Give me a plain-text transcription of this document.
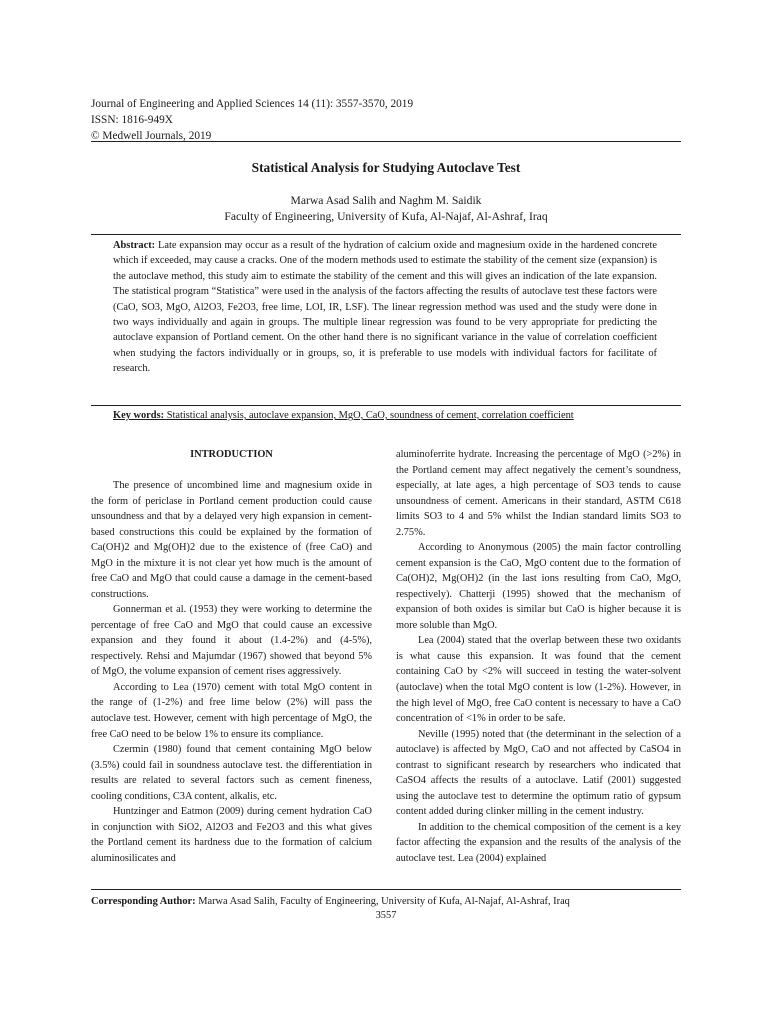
Journal of Engineering and Applied Sciences 14 (11): 3557-3570, 2019
ISSN: 1816-949X
© Medwell Journals, 2019
Statistical Analysis for Studying Autoclave Test
Marwa Asad Salih and Naghm M. Saidik
Faculty of Engineering, University of Kufa, Al-Najaf, Al-Ashraf, Iraq

Abstract: Late expansion may occur as a result of the hydration of calcium oxide and magnesium oxide in the hardened concrete which if exceeded, may cause a cracks. One of the modern methods used to estimate the stability of the cement size (expansion) is the autoclave method, this study aim to estimate the stability of the cement and this will gives an indication of the late expansion. The statistical program “Statistica” were used in the analysis of the factors affecting the results of autoclave test these factors were (CaO, SO3, MgO, Al2O3, Fe2O3, free lime, LOI, IR, LSF). The linear regression method was used and the study were done in two ways individually and again in groups. The multiple linear regression was found to be very appropriate for predicting the autoclave expansion of Portland cement. On the other hand there is no significant variance in the value of correlation coefficient when studying the factors individually or in groups, so, it is preferable to use models with individual factors for facilitate of research.

Key words: Statistical analysis, autoclave expansion, MgO, CaO, soundness of cement, correlation coefficient

INTRODUCTION

The presence of uncombined lime and magnesium oxide in the form of periclase in Portland cement production could cause unsoundness and that by a delayed very high expansion in cement-based constructions this could be explained by the formation of Ca(OH)2 and Mg(OH)2 due to the existence of (free CaO) and MgO in the mixture it is not clear yet how much is the amount of free CaO and MgO that could cause a damage in the cement-based constructions.

Gonnerman et al. (1953) they were working to determine the percentage of free CaO and MgO that could cause an excessive expansion and they found it about (1.4-2%) and (4-5%), respectively. Rehsi and Majumdar (1967) showed that beyond 5% of MgO, the volume expansion of cement rises aggressively.

According to Lea (1970) cement with total MgO content in the range of (1-2%) and free lime below (2%) will pass the autoclave test. However, cement with high percentage of MgO, the free CaO need to be below 1% to ensure its compliance.

Czermin (1980) found that cement containing MgO below (3.5%) could fail in soundness autoclave test. the differentiation in results are related to several factors such as cement fineness, cooling conditions, C3A content, alkalis, etc.

Huntzinger and Eatmon (2009) during cement hydration CaO in conjunction with SiO2, Al2O3 and Fe2O3 and this what gives the Portland cement its hardness due to the formation of calcium aluminosilicates and

aluminoferrite hydrate. Increasing the percentage of MgO (>2%) in the Portland cement may affect negatively the cement’s soundness, especially, at late ages, a high percentage of SO3 tends to cause unsoundness of cement. Americans in their standard, ASTM C618 limits SO3 to 4 and 5% whilst the Indian standard limits SO3 to 2.75%.

According to Anonymous (2005) the main factor controlling cement expansion is the CaO, MgO content due to the formation of Ca(OH)2, Mg(OH)2 (in the last ions resulting from CaO, MgO, respectively). Chatterji (1995) showed that the mechanism of expansion of both oxides is similar but CaO is higher because it is more soluble than MgO.

Lea (2004) stated that the overlap between these two oxidants is what cause this expansion. It was found that the cement containing CaO by <2% will succeed in testing the water-solvent (autoclave) when the total MgO content is low (1-2%). However, in the high level of MgO, free CaO content is necessary to have a CaO concentration of <1% in order to be safe.

Neville (1995) noted that (the determinant in the selection of a autoclave) is affected by MgO, CaO and not affected by CaSO4 in contrast to significant research by researchers who indicated that CaSO4 affects the results of a autoclave. Latif (2001) suggested using the autoclave test to determine the optimum ratio of gypsum content added during clinker milling in the cement industry.

In addition to the chemical composition of the cement is a key factor affecting the expansion and the results of the analysis of the autoclave test. Lea (2004) explained

Corresponding Author: Marwa Asad Salih, Faculty of Engineering, University of Kufa, Al-Najaf, Al-Ashraf, Iraq
3557
